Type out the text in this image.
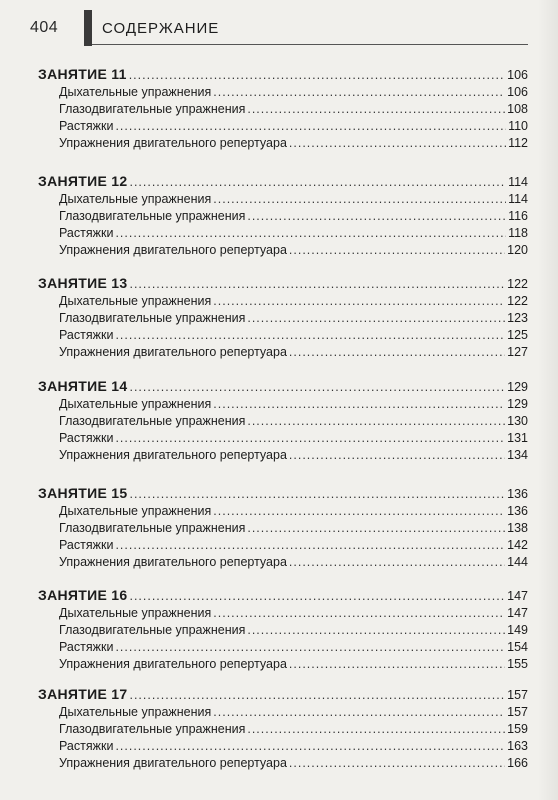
404	СОДЕРЖАНИЕ
ЗАНЯТИЕ 11 .....	106
Дыхательные упражнения .....	106
Глазодвигательные упражнения .....	108
Растяжки .....	110
Упражнения двигательного репертуара .....	112
ЗАНЯТИЕ 12 .....	114
Дыхательные упражнения .....	114
Глазодвигательные упражнения .....	116
Растяжки .....	118
Упражнения двигательного репертуара .....	120
ЗАНЯТИЕ 13 .....	122
Дыхательные упражнения .....	122
Глазодвигательные упражнения .....	123
Растяжки .....	125
Упражнения двигательного репертуара .....	127
ЗАНЯТИЕ 14 .....	129
Дыхательные упражнения .....	129
Глазодвигательные упражнения .....	130
Растяжки .....	131
Упражнения двигательного репертуара .....	134
ЗАНЯТИЕ 15 .....	136
Дыхательные упражнения .....	136
Глазодвигательные упражнения .....	138
Растяжки .....	142
Упражнения двигательного репертуара .....	144
ЗАНЯТИЕ 16 .....	147
Дыхательные упражнения .....	147
Глазодвигательные упражнения .....	149
Растяжки .....	154
Упражнения двигательного репертуара .....	155
ЗАНЯТИЕ 17 .....	157
Дыхательные упражнения .....	157
Глазодвигательные упражнения .....	159
Растяжки .....	163
Упражнения двигательного репертуара .....	166
